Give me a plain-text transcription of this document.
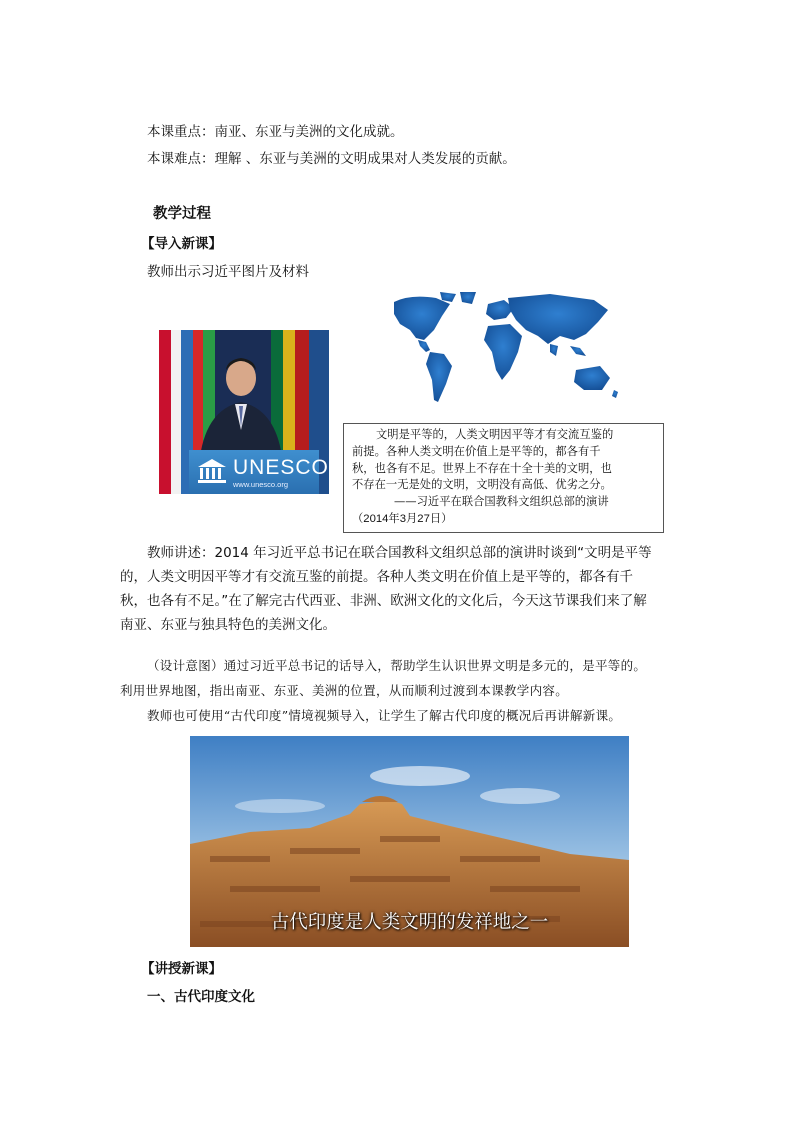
本课重点：南亚、东亚与美洲的文化成就。
本课难点：理解 、东亚与美洲的文明成果对人类发展的贡献。
教学过程
【导入新课】
教师出示习近平图片及材料
UNESCO
www.unesco.org
文明是平等的，人类文明因平等才有交流互鉴的
前提。各种人类文明在价值上是平等的，都各有千
秋，也各有不足。世界上不存在十全十美的文明，也
不存在一无是处的文明，文明没有高低、优劣之分。
——习近平在联合国教科文组织总部的演讲
（2014年3月27日）
教师讲述：2014 年习近平总书记在联合国教科文组织总部的演讲时谈到“文明是平等
的，人类文明因平等才有交流互鉴的前提。各种人类文明在价值上是平等的，都各有千
秋，也各有不足。”在了解完古代西亚、非洲、欧洲文化的文化后，今天这节课我们来了解
南亚、东亚与独具特色的美洲文化。
（设计意图）通过习近平总书记的话导入，帮助学生认识世界文明是多元的，是平等的。
利用世界地图，指出南亚、东亚、美洲的位置，从而顺利过渡到本课教学内容。
教师也可使用“古代印度”情境视频导入，让学生了解古代印度的概况后再讲解新课。
古代印度是人类文明的发祥地之一
【讲授新课】
一、古代印度文化
